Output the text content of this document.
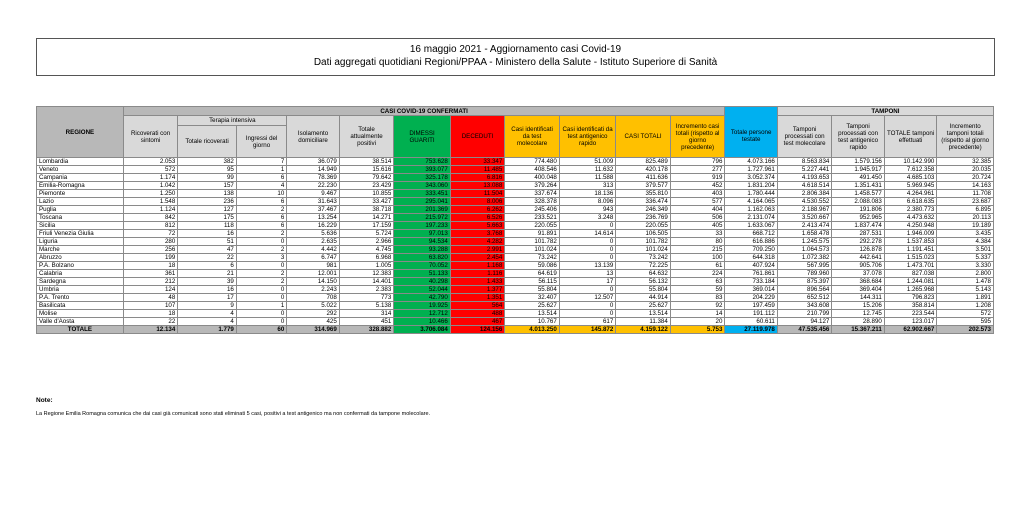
16 maggio 2021 - Aggiornamento casi Covid-19
Dati aggregati quotidiani Regioni/PPAA - Ministero della Salute - Istituto Superiore di Sanità
REGIONE	CASI COVID-19 CONFERMATI												TAMPONI			
	Ricoverati con sintomi	Terapia intensiva		Isolamento domiciliare	Totale attualmente positivi	DIMESSI GUARITI	DECEDUTI	Casi identificati da test molecolare	Casi identificati da test antigenico rapido	CASI TOTALI	Incremento casi totali (rispetto al giorno precedente)	Totale persone testate	Tamponi processati con test molecolare	Tamponi processati con test antigenico rapido	TOTALE tamponi effettuati	Incremento tamponi totali (rispetto al giorno precedente)
		Totale ricoverati	Ingressi del giorno													
Lombardia	2.053	382	7	36.079	38.514	753.628	33.347	774.480	51.009	825.489	796	4.073.166	8.563.834	1.579.156	10.142.990	32.385
Veneto	572	95	1	14.949	15.616	393.077	11.485	408.546	11.632	420.178	277	1.727.961	5.227.441	1.945.917	7.612.358	20.035
Campania	1.174	99	6	78.369	79.642	325.178	6.816	400.048	11.588	411.636	919	3.052.374	4.193.653	491.450	4.685.103	20.724
Emilia-Romagna	1.042	157	4	22.230	23.429	343.060	13.088	379.264	313	379.577	452	1.831.204	4.618.514	1.351.431	5.969.945	14.163
Piemonte	1.250	138	10	9.467	10.855	333.451	11.504	337.674	18.136	355.810	403	1.780.444	2.806.384	1.458.577	4.264.961	11.708
Lazio	1.548	236	6	31.643	33.427	295.041	8.006	328.378	8.096	336.474	577	4.164.065	4.530.552	2.088.083	6.618.635	23.687
Puglia	1.124	127	2	37.467	38.718	201.369	6.262	245.406	943	246.349	404	1.162.063	2.188.967	191.806	2.380.773	6.895
Toscana	842	175	6	13.254	14.271	215.972	6.526	233.521	3.248	236.769	506	2.131.074	3.520.667	952.965	4.473.632	20.113
Sicilia	812	118	6	16.229	17.159	197.233	5.663	220.055	0	220.055	405	1.633.067	2.413.474	1.837.474	4.250.948	19.189
Friuli Venezia Giulia	72	16	2	5.636	5.724	97.013	3.768	91.891	14.614	106.505	33	668.712	1.658.478	287.531	1.946.009	3.435
Liguria	280	51	0	2.635	2.966	94.534	4.282	101.782	0	101.782	80	616.886	1.245.575	292.278	1.537.853	4.384
Marche	256	47	2	4.442	4.745	93.288	2.991	101.024	0	101.024	215	709.250	1.064.573	126.878	1.191.451	3.501
Abruzzo	199	22	3	6.747	6.968	63.820	2.454	73.242	0	73.242	100	644.318	1.072.382	442.641	1.515.023	5.337
P.A. Bolzano	18	6	0	981	1.005	70.052	1.168	59.086	13.139	72.225	61	407.924	567.995	905.706	1.473.701	3.330
Calabria	361	21	2	12.001	12.383	51.133	1.116	64.619	13	64.632	224	761.861	789.960	37.078	827.038	2.800
Sardegna	212	39	2	14.150	14.401	40.298	1.433	56.115	17	56.132	63	733.184	875.397	368.684	1.244.081	1.478
Umbria	124	16	0	2.243	2.383	52.044	1.377	55.804	0	55.804	59	369.014	896.564	369.404	1.265.968	5.143
P.A. Trento	48	17	0	708	773	42.790	1.351	32.407	12.507	44.914	83	204.229	652.512	144.311	796.823	1.891
Basilicata	107	9	1	5.022	5.138	19.925	564	25.627	0	25.627	92	197.459	343.608	15.206	358.814	1.208
Molise	18	4	0	292	314	12.712	488	13.514	0	13.514	14	191.112	210.799	12.745	223.544	572
Valle d'Aosta	22	4	0	425	451	10.466	467	10.767	617	11.384	20	60.611	94.127	28.890	123.017	595
TOTALE	12.134	1.779	60	314.969	328.882	3.706.084	124.156	4.013.250	145.872	4.159.122	5.753	27.119.978	47.535.456	15.367.211	62.902.667	202.573
Note:
La Regione Emilia Romagna comunica che dai casi già comunicati sono stati eliminati 5 casi, positivi a test antigenico ma non confermati da tampone molecolare.
